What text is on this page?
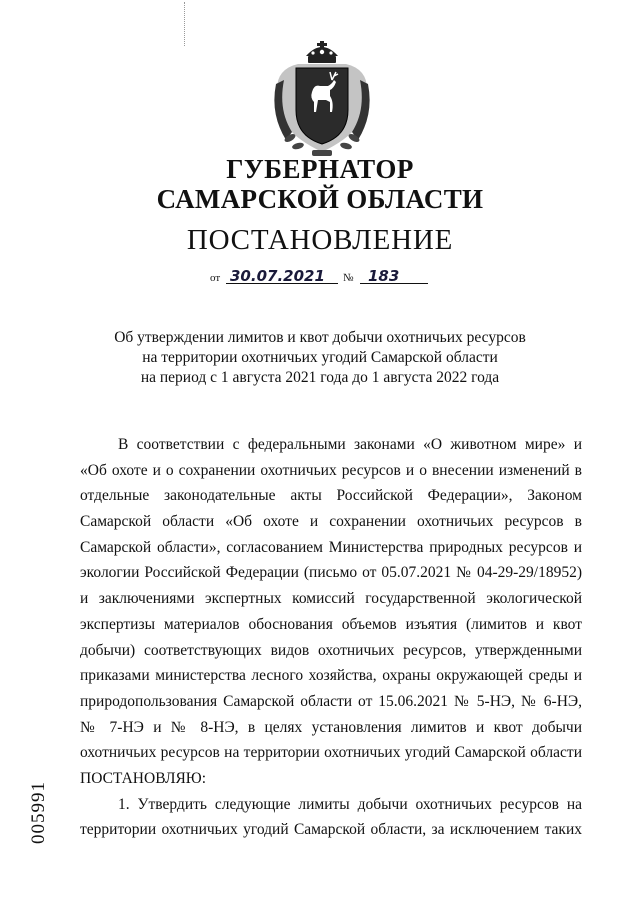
ГУБЕРНАТОР
САМАРСКОЙ ОБЛАСТИ
ПОСТАНОВЛЕНИЕ
от 30.07.2021 № 183
Об утверждении лимитов и квот добычи охотничьих ресурсов
на территории охотничьих угодий Самарской области
на период с 1 августа 2021 года до 1 августа 2022 года
В соответствии с федеральными законами «О животном мире» и
«Об охоте и о сохранении охотничьих ресурсов и о внесении изменений в
отдельные законодательные акты Российской Федерации», Законом
Самарской области «Об охоте и сохранении охотничьих ресурсов в
Самарской области», согласованием Министерства природных ресурсов и
экологии Российской Федерации (письмо от 05.07.2021 № 04-29-29/18952)
и заключениями экспертных комиссий государственной экологической
экспертизы материалов обоснования объемов изъятия (лимитов и квот
добычи) соответствующих видов охотничьих ресурсов, утвержденными
приказами министерства лесного хозяйства, охраны окружающей среды и
природопользования Самарской области от 15.06.2021 № 5-НЭ, № 6-НЭ,
№ 7-НЭ и № 8-НЭ, в целях установления лимитов и квот добычи
охотничьих ресурсов на территории охотничьих угодий Самарской области
ПОСТАНОВЛЯЮ:
1. Утвердить следующие лимиты добычи охотничьих ресурсов на
территории охотничьих угодий Самарской области, за исключением таких
005991
